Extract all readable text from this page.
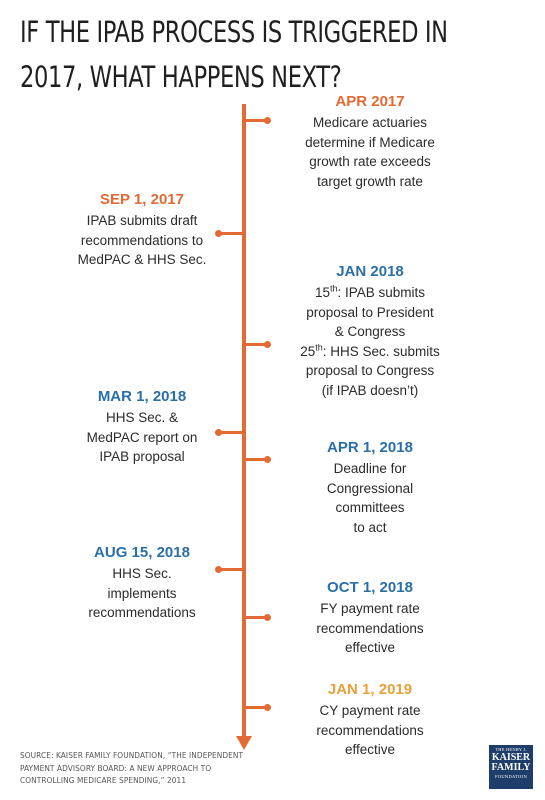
IF THE IPAB PROCESS IS TRIGGERED IN
2017, WHAT HAPPENS NEXT?
APR 2017
Medicare actuaries
determine if Medicare
growth rate exceeds
target growth rate
SEP 1, 2017
IPAB submits draft
recommendations to
MedPAC & HHS Sec.
JAN 2018
15th: IPAB submits
proposal to President
& Congress
25th: HHS Sec. submits
proposal to Congress
(if IPAB doesn’t)
MAR 1, 2018
HHS Sec. &
MedPAC report on
IPAB proposal
APR 1, 2018
Deadline for
Congressional
committees
to act
AUG 15, 2018
HHS Sec.
implements
recommendations
OCT 1, 2018
FY payment rate
recommendations
effective
JAN 1, 2019
CY payment rate
recommendations
effective
SOURCE: KAISER FAMILY FOUNDATION, “THE INDEPENDENT
PAYMENT ADVISORY BOARD: A NEW APPROACH TO
CONTROLLING MEDICARE SPENDING,” 2011
THE HENRY J.
KAISER
FAMILY
FOUNDATION
